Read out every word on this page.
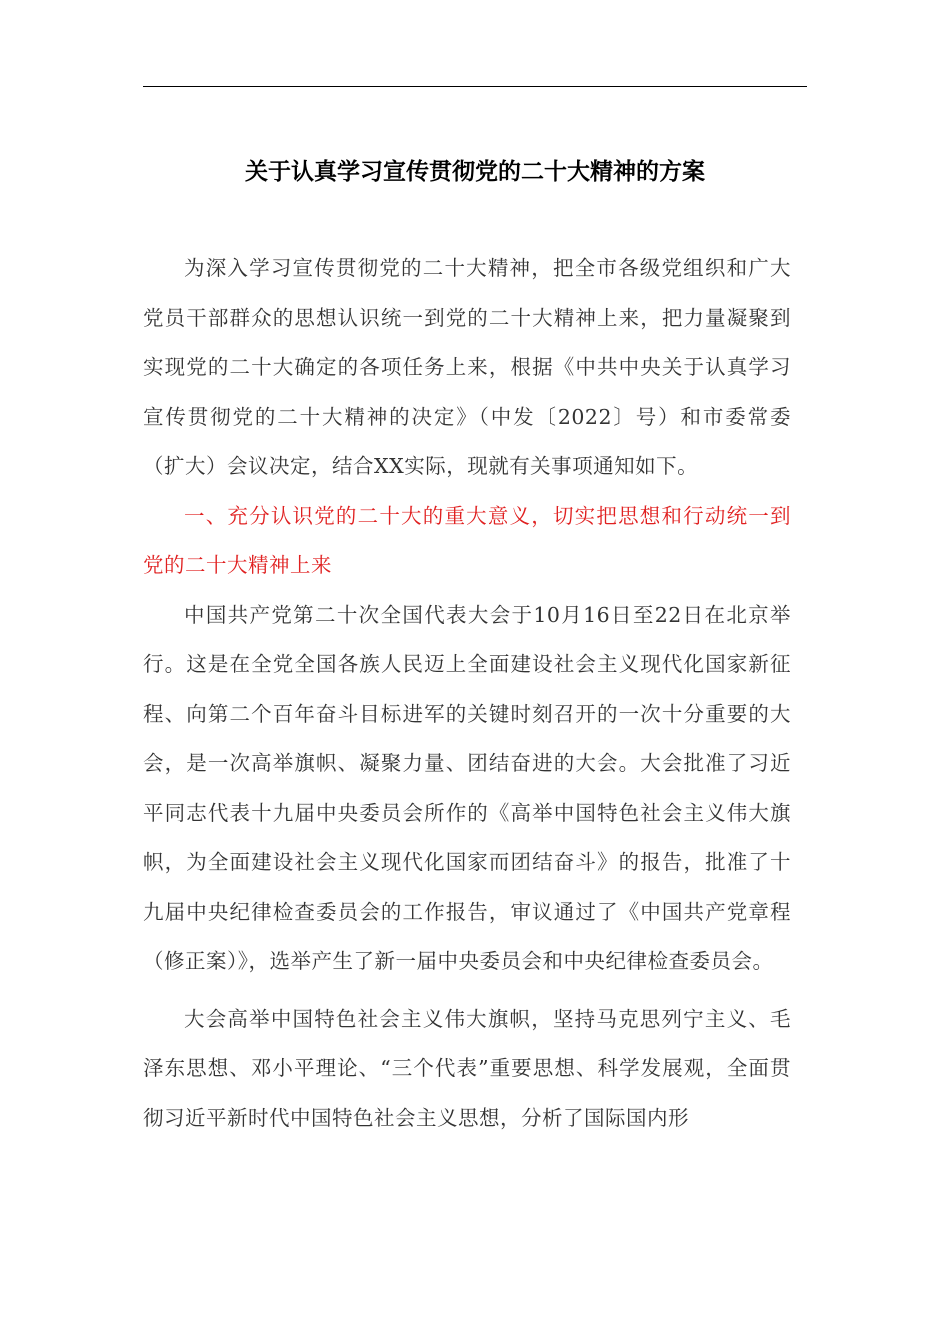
关于认真学习宣传贯彻党的二十大精神的方案

为深入学习宣传贯彻党的二十大精神，把全市各级党组织和广大党员干部群众的思想认识统一到党的二十大精神上来，把力量凝聚到实现党的二十大确定的各项任务上来，根据《中共中央关于认真学习宣传贯彻党的二十大精神的决定》（中发〔2022〕号）和市委常委（扩大）会议决定，结合XX实际，现就有关事项通知如下。

一、充分认识党的二十大的重大意义，切实把思想和行动统一到党的二十大精神上来

中国共产党第二十次全国代表大会于10月16日至22日在北京举行。这是在全党全国各族人民迈上全面建设社会主义现代化国家新征程、向第二个百年奋斗目标进军的关键时刻召开的一次十分重要的大会，是一次高举旗帜、凝聚力量、团结奋进的大会。大会批准了习近平同志代表十九届中央委员会所作的《高举中国特色社会主义伟大旗帜，为全面建设社会主义现代化国家而团结奋斗》的报告，批准了十九届中央纪律检查委员会的工作报告，审议通过了《中国共产党章程（修正案）》，选举产生了新一届中央委员会和中央纪律检查委员会。

大会高举中国特色社会主义伟大旗帜，坚持马克思列宁主义、毛泽东思想、邓小平理论、“三个代表”重要思想、科学发展观，全面贯彻习近平新时代中国特色社会主义思想，分析了国际国内形
